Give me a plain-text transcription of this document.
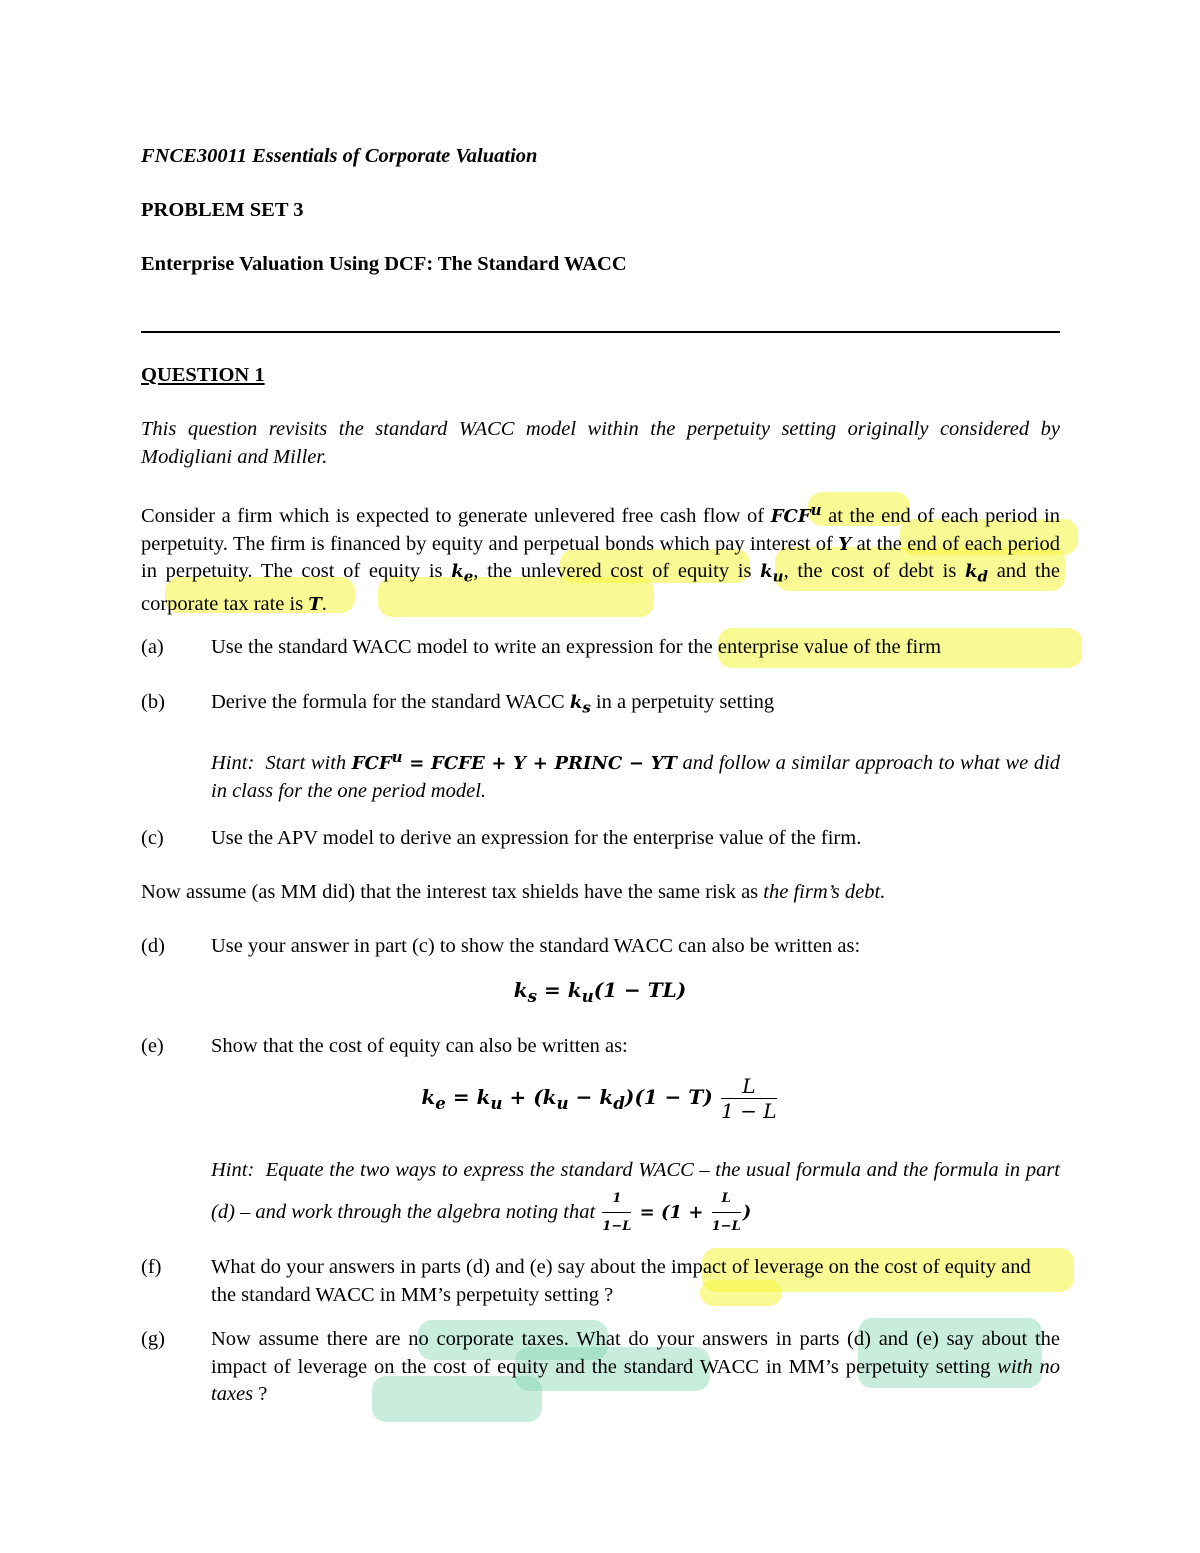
FNCE30011 Essentials of Corporate Valuation
PROBLEM SET 3
Enterprise Valuation Using DCF: The Standard WACC
QUESTION 1
This question revisits the standard WACC model within the perpetuity setting originally considered by Modigliani and Miller.
Consider a firm which is expected to generate unlevered free cash flow of FCF$^u$ at the end of each period in perpetuity. The firm is financed by equity and perpetual bonds which pay interest of Y at the end of each period in perpetuity. The cost of equity is $k_e$, the unlevered cost of equity is $k_u$, the cost of debt is $k_d$ and the corporate tax rate is T.
(a)	Use the standard WACC model to write an expression for the enterprise value of the firm
(b)	Derive the formula for the standard WACC $k_s$ in a perpetuity setting
Hint: Start with $FCF^u$ = FCFE + Y + PRINC − YT and follow a similar approach to what we did in class for the one period model.
(c)	Use the APV model to derive an expression for the enterprise value of the firm.
Now assume (as MM did) that the interest tax shields have the same risk as the firm’s debt.
(d)	Use your answer in part (c) to show the standard WACC can also be written as:
$k_s = k_u(1 - TL)$
(e)	Show that the cost of equity can also be written as:
$k_e = k_u + (k_u - k_d)(1 - T) \frac{L}{1 - L}$
Hint: Equate the two ways to express the standard WACC – the usual formula and the formula in part (d) – and work through the algebra noting that $\frac{1}{1-L} = (1 + \frac{L}{1-L}$ )
(f)	What do your answers in parts (d) and (e) say about the impact of leverage on the cost of equity and the standard WACC in MM’s perpetuity setting ?
(g)	Now assume there are no corporate taxes. What do your answers in parts (d) and (e) say about the impact of leverage on the cost of equity and the standard WACC in MM’s perpetuity setting with no taxes ?
